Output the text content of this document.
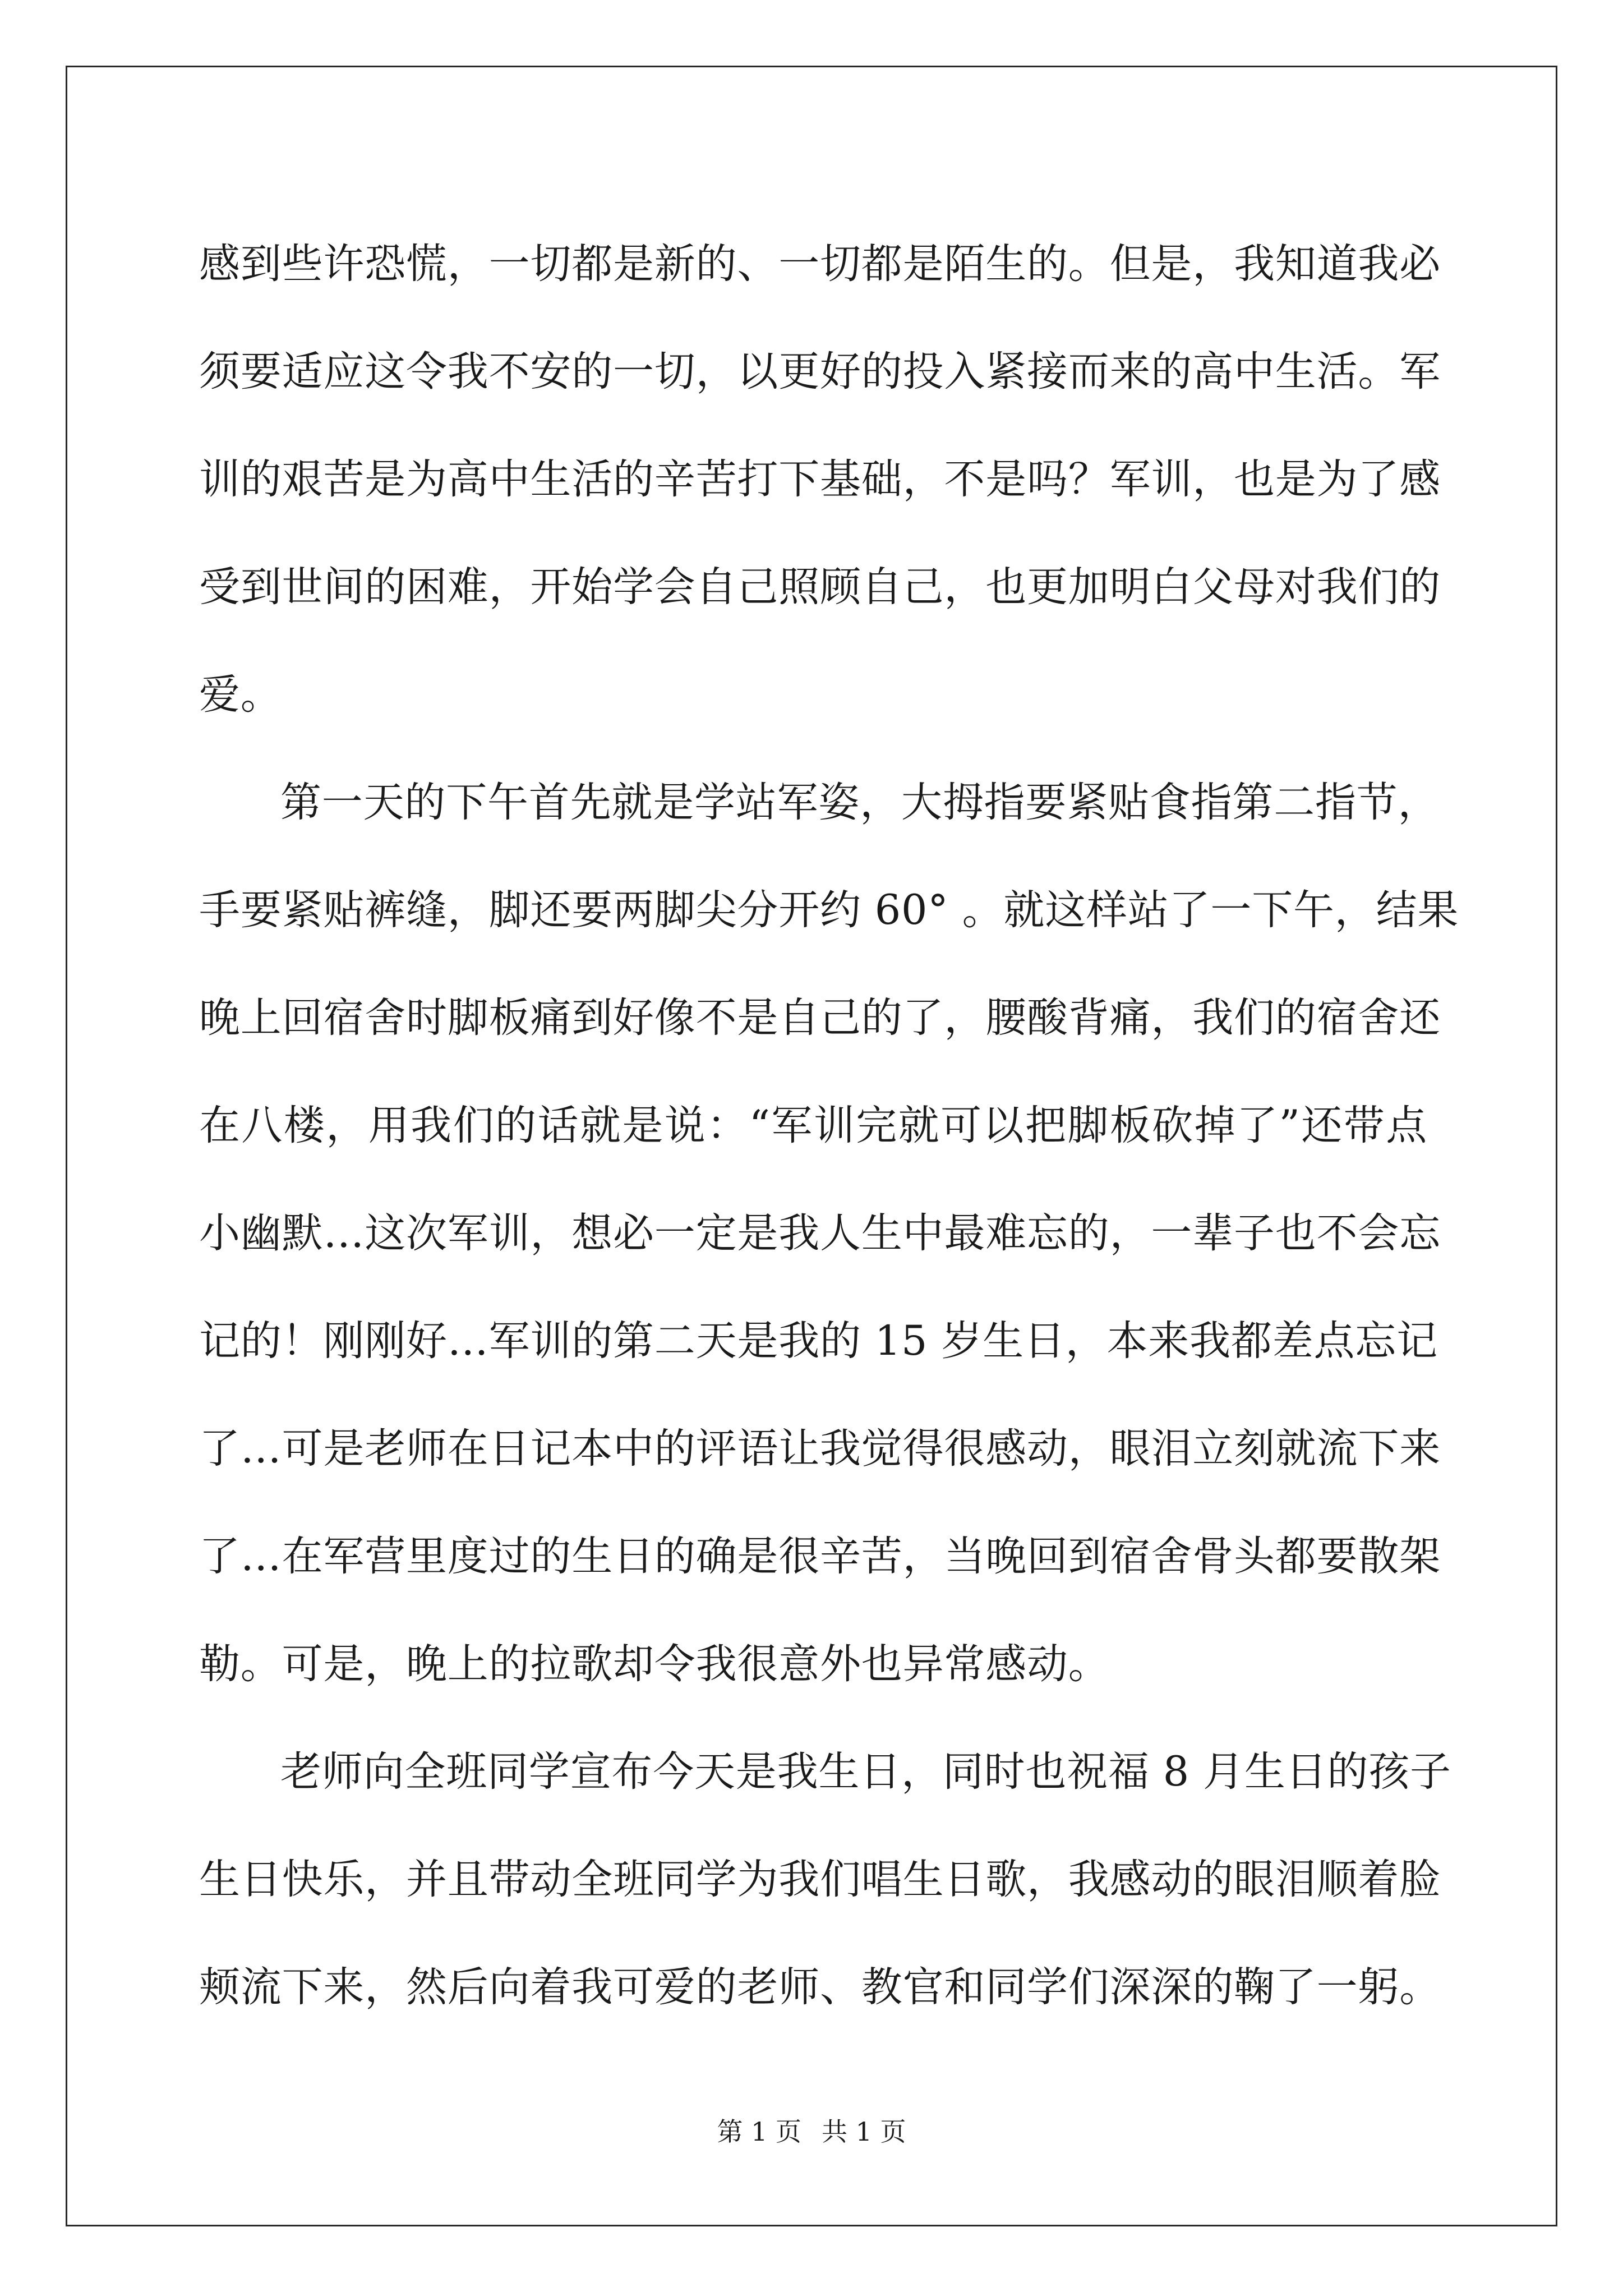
感到些许恐慌，一切都是新的、一切都是陌生的。但是，我知道我必
须要适应这令我不安的一切，以更好的投入紧接而来的高中生活。军
训的艰苦是为高中生活的辛苦打下基础，不是吗？军训，也是为了感
受到世间的困难，开始学会自己照顾自己，也更加明白父母对我们的
爱。
第一天的下午首先就是学站军姿，大拇指要紧贴食指第二指节，
手要紧贴裤缝，脚还要两脚尖分开约 60° 。就这样站了一下午，结果
晚上回宿舍时脚板痛到好像不是自己的了，腰酸背痛，我们的宿舍还
在八楼，用我们的话就是说：“军训完就可以把脚板砍掉了”还带点
小幽默…这次军训，想必一定是我人生中最难忘的，一辈子也不会忘
记的！刚刚好…军训的第二天是我的 15 岁生日，本来我都差点忘记
了…可是老师在日记本中的评语让我觉得很感动，眼泪立刻就流下来
了…在军营里度过的生日的确是很辛苦，当晚回到宿舍骨头都要散架
勒。可是，晚上的拉歌却令我很意外也异常感动。
老师向全班同学宣布今天是我生日，同时也祝福 8 月生日的孩子
生日快乐，并且带动全班同学为我们唱生日歌，我感动的眼泪顺着脸
颊流下来，然后向着我可爱的老师、教官和同学们深深的鞠了一躬。
第 1 页 共 1 页
